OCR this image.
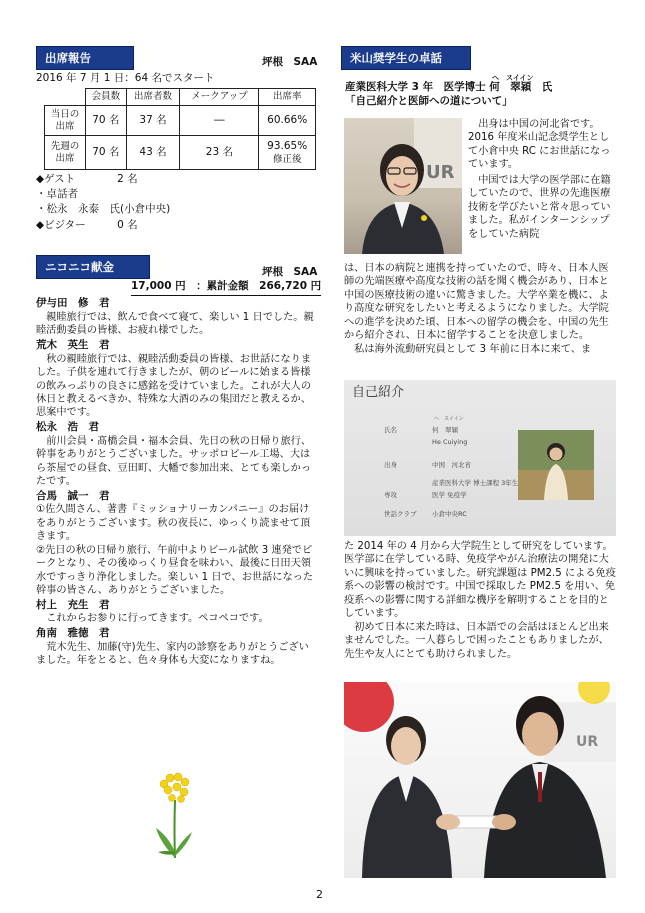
出席報告	坪根　SAA
2016 年 7 月 1 日：64 名でスタート
	会員数	出席者数	メークアップ	出席率
当日の
出席	70 名	37 名	―	60.66%
先週の
出席	70 名	43 名	23 名	93.65%
修正後
◆ゲスト　　　　2 名
・卓話者
・松永　永泰　氏(小倉中央)
◆ビジター　　　0 名
ニコニコ献金	坪根　SAA
17,000 円　：累計金額　266,720 円
伊与田　修　君
親睦旅行では、飲んで食べて寝て、楽しい 1 日でした。親睦活動委員の皆様、お疲れ様でした。
荒木　英生　君
秋の親睦旅行では、親睦活動委員の皆様、お世話になりました。子供を連れて行きましたが、朝のビールに始まる皆様の飲みっぷりの良さに感銘を受けていました。これが大人の休日と教えるべきか、特殊な大酒のみの集団だと教えるか、思案中です。
松永　浩　君
前川会員・髙橋会員・福本会員、先日の秋の日帰り旅行、幹事をありがとうございました。サッポロビール工場、大はら茶屋での昼食、豆田町、大幡で参加出来、とても楽しかったです。
合馬　誠一　君
①佐久間さん、著書『ミッショナリーカンパニー』のお届けをありがとうございます。秋の夜長に、ゆっくり読ませて頂きます。
②先日の秋の日帰り旅行、午前中よりビール試飲 3 連発でピークとなり、その後ゆっくり昼食を味わい、最後に日田天領水ですっきり浄化しました。楽しい 1 日で、お世話になった幹事の皆さん、ありがとうございました。
村上　充生　君
これからお参りに行ってきます。ペコペコです。
角南　雅徳　君
荒木先生、加藤(守)先生、家内の診察をありがとうございました。年をとると、色々身体も大変になりますね。
米山奨学生の卓話
へ　スイイン
産業医科大学 3 年　医学博士 何　翠穎　氏
「自己紹介と医師への道について」
UR
出身は中国の河北省です。2016 年度米山記念奨学生として小倉中央 RC にお世話になっています。
中国では大学の医学部に在籍していたので、世界の先進医療技術を学びたいと常々思っていました。私がインターンシップをしていた病院
は、日本の病院と連携を持っていたので、時々、日本人医師の先端医療や高度な技術の話を聞く機会があり、日本と中国の医療技術の違いに驚きました。大学卒業を機に、より高度な研究をしたいと考えるようになりました。大学院への進学を決めた頃、日本への留学の機会を、中国の先生から紹介され、日本に留学することを決意しました。
私は海外流動研究員として 3 年前に日本に来て、ま
自己紹介
へ　スイイン
氏名	何　翠穎
He Cuiying
出身	中国　河北省
産業医科大学 博士課程 3年生
専攻	医学 免疫学
世話クラブ 小倉中央RC
た 2014 年の 4 月から大学院生として研究をしています。医学部に在学している時、免疫学やがん治療法の開発に大いに興味を持っていました。研究課題は PM2.5 による免疫系への影響の検討です。中国で採取した PM2.5 を用い、免疫系への影響に関する詳細な機序を解明することを目的としています。
初めて日本に来た時は、日本語での会話はほとんど出来ませんでした。一人暮らしで困ったこともありましたが、先生や友人にとても助けられました。
UR
2
